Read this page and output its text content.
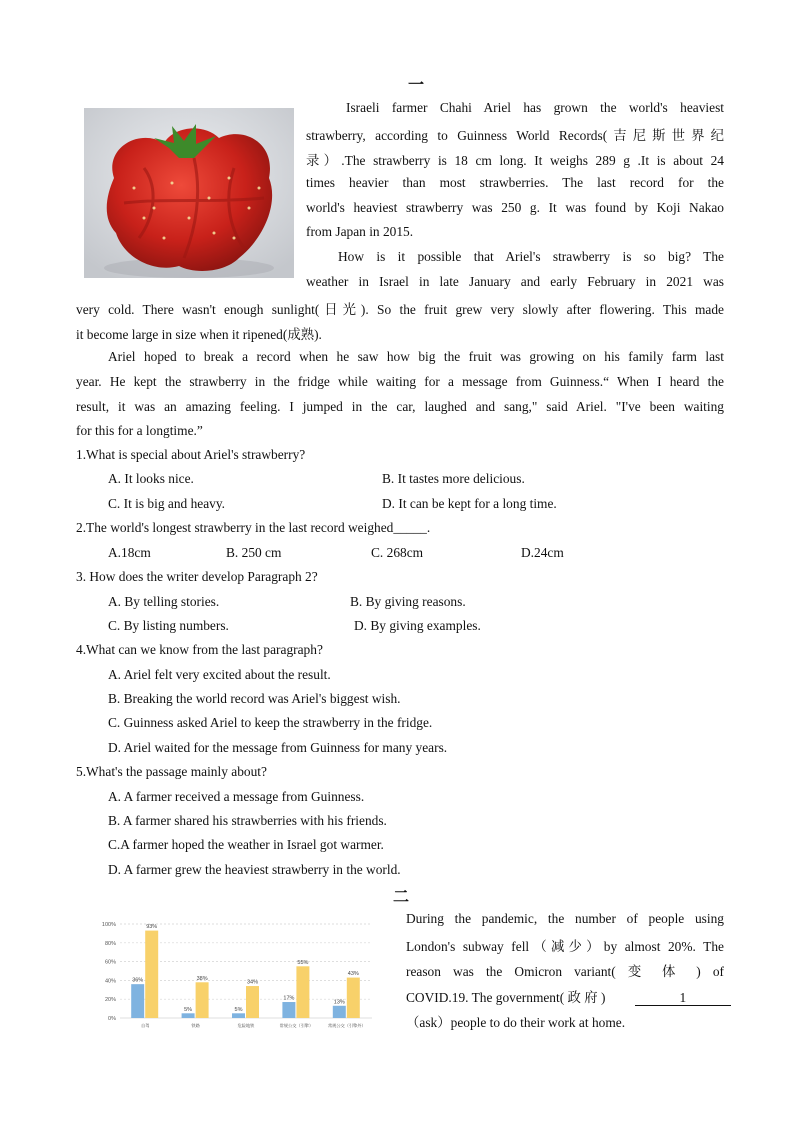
一
Israeli farmer Chahi Ariel has grown the world's heaviest
strawberry, according to Guinness World Records(吉尼斯世界纪
录）.The strawberry is 18 cm long. It weighs 289 g .It is about 24
times heavier than most strawberries. The last record for the
world's heaviest strawberry was 250 g. It was found by Koji Nakao
from Japan in 2015.
How is it possible that Ariel's strawberry is so big? The
weather in Israel in late January and early February in 2021 was
very cold. There wasn't enough sunlight(日光). So the fruit grew very slowly after flowering. This made
it become large in size when it ripened(成熟).
Ariel hoped to break a record when he saw how big the fruit was growing on his family farm last
year. He kept the strawberry in the fridge while waiting for a message from Guinness.“ When I heard the
result, it was an amazing feeling. I jumped in the car, laughed and sang," said Ariel. "I've been waiting
for this for a longtime.”
1.What is special about Ariel's strawberry?
A. It looks nice.	B. It tastes more delicious.
C. It is big and heavy.	D. It can be kept for a long time.
2.The world's longest strawberry in the last record weighed_____.
A.18cm	B. 250 cm	C. 268cm	D.24cm
3. How does the writer develop Paragraph 2?
A. By telling stories.	B. By giving reasons.
C. By listing numbers.	D. By giving examples.
4.What can we know from the last paragraph?
A. Ariel felt very excited about the result.
B. Breaking the world record was Ariel's biggest wish.
C. Guinness asked Ariel to keep the strawberry in the fridge.
D. Ariel waited for the message from Guinness for many years.
5.What's the passage mainly about?
A. A farmer received a message from Guinness.
B. A farmer shared his strawberries with his friends.
C.A farmer hoped the weather in Israel got warmer.
D. A farmer grew the heaviest strawberry in the world.
二
0%
20%
40%
60%
80%
100%
36%
93%
自驾
5%
38%
铁路
5%
34%
危险地铁
17%
55%
常规公交（引擎）
13%
43%
常规公交（引擎外）
During the pandemic, the number of people using
London's subway fell（减少）by almost 20%. The
reason was the Omicron variant( 变 体 ) of
COVID.19. The government( 政 府 )	1
（ask）people to do their work at home.
